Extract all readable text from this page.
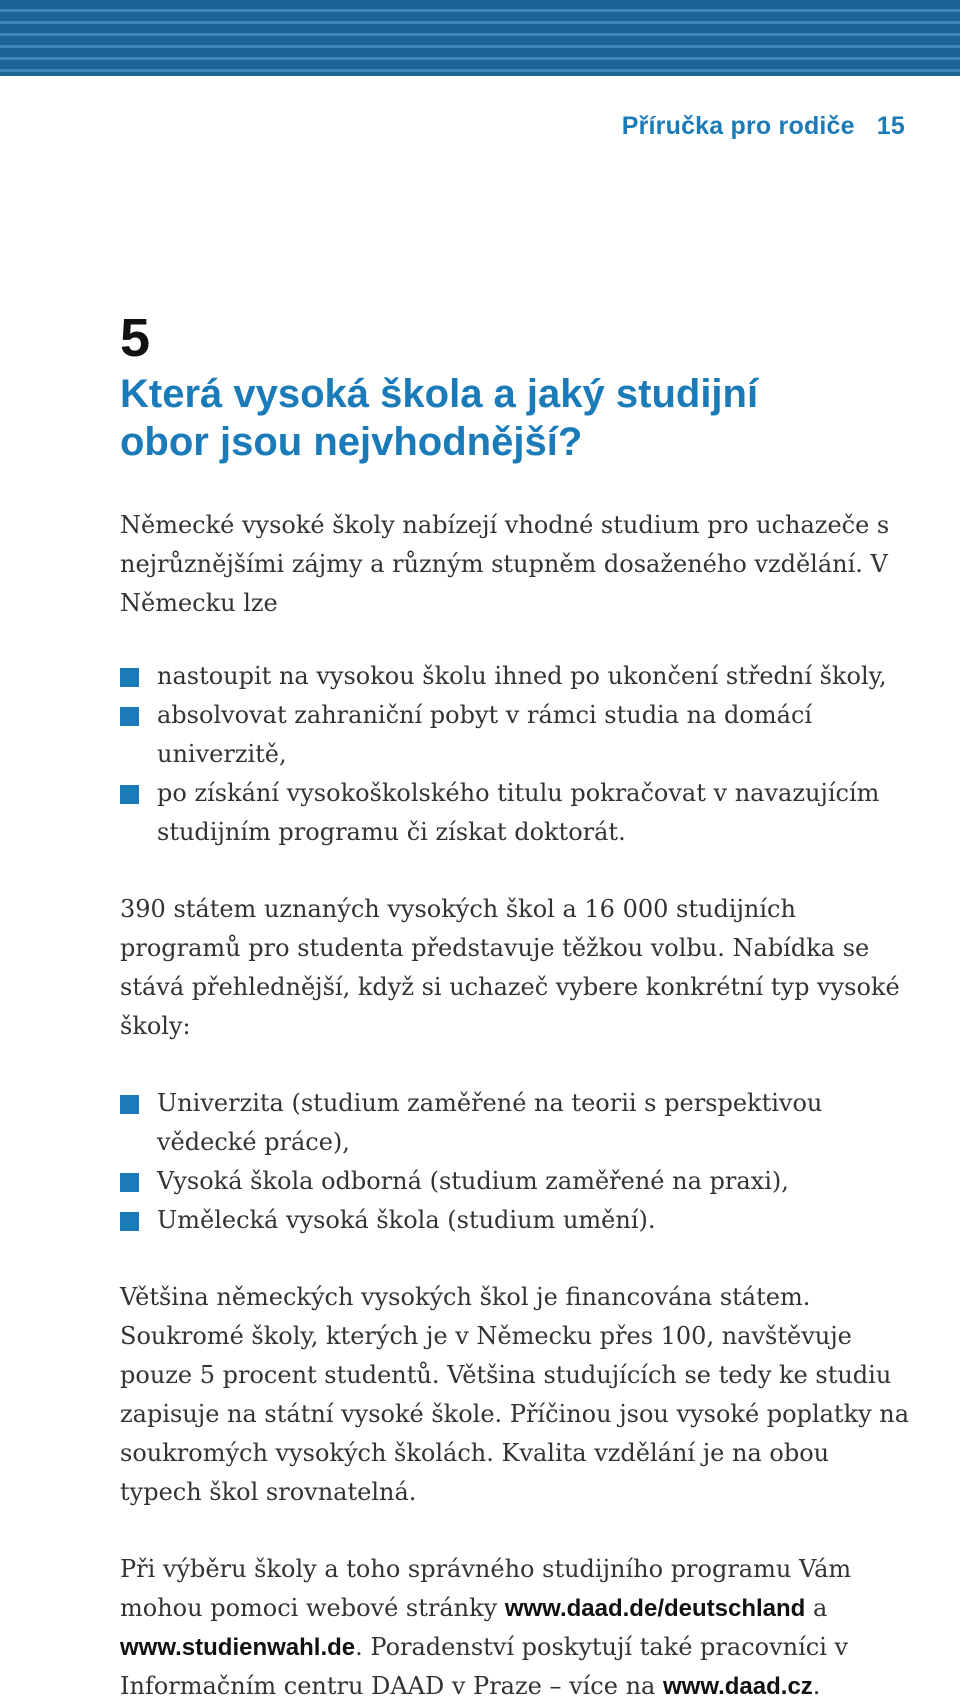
Příručka pro rodiče 15
5
Která vysoká škola a jaký studijní
obor jsou nejvhodnější?

Německé vysoké školy nabízejí vhodné studium pro uchazeče s nejrůznějšími zájmy a různým stupněm dosaženého vzdělání. V Německu lze

nastoupit na vysokou školu ihned po ukončení střední školy,
absolvovat zahraniční pobyt v rámci studia na domácí univerzitě,
po získání vysokoškolského titulu pokračovat v navazujícím studijním programu či získat doktorát.

390 státem uznaných vysokých škol a 16 000 studijních programů pro studenta představuje těžkou volbu. Nabídka se stává přehlednější, když si uchazeč vybere konkrétní typ vysoké školy:

Univerzita (studium zaměřené na teorii s perspektivou vědecké práce),
Vysoká škola odborná (studium zaměřené na praxi),
Umělecká vysoká škola (studium umění).

Většina německých vysokých škol je financována státem. Soukromé školy, kterých je v Německu přes 100, navštěvuje pouze 5 procent studentů. Většina studujících se tedy ke studiu zapisuje na státní vysoké škole. Příčinou jsou vysoké poplatky na soukromých vysokých školách. Kvalita vzdělání je na obou typech škol srovnatelná.

Při výběru školy a toho správného studijního programu Vám mohou pomoci webové stránky www.daad.de/deutschland a www.studienwahl.de. Poradenství poskytují také pracovníci v Informačním centru DAAD v Praze – více na www.daad.cz.
